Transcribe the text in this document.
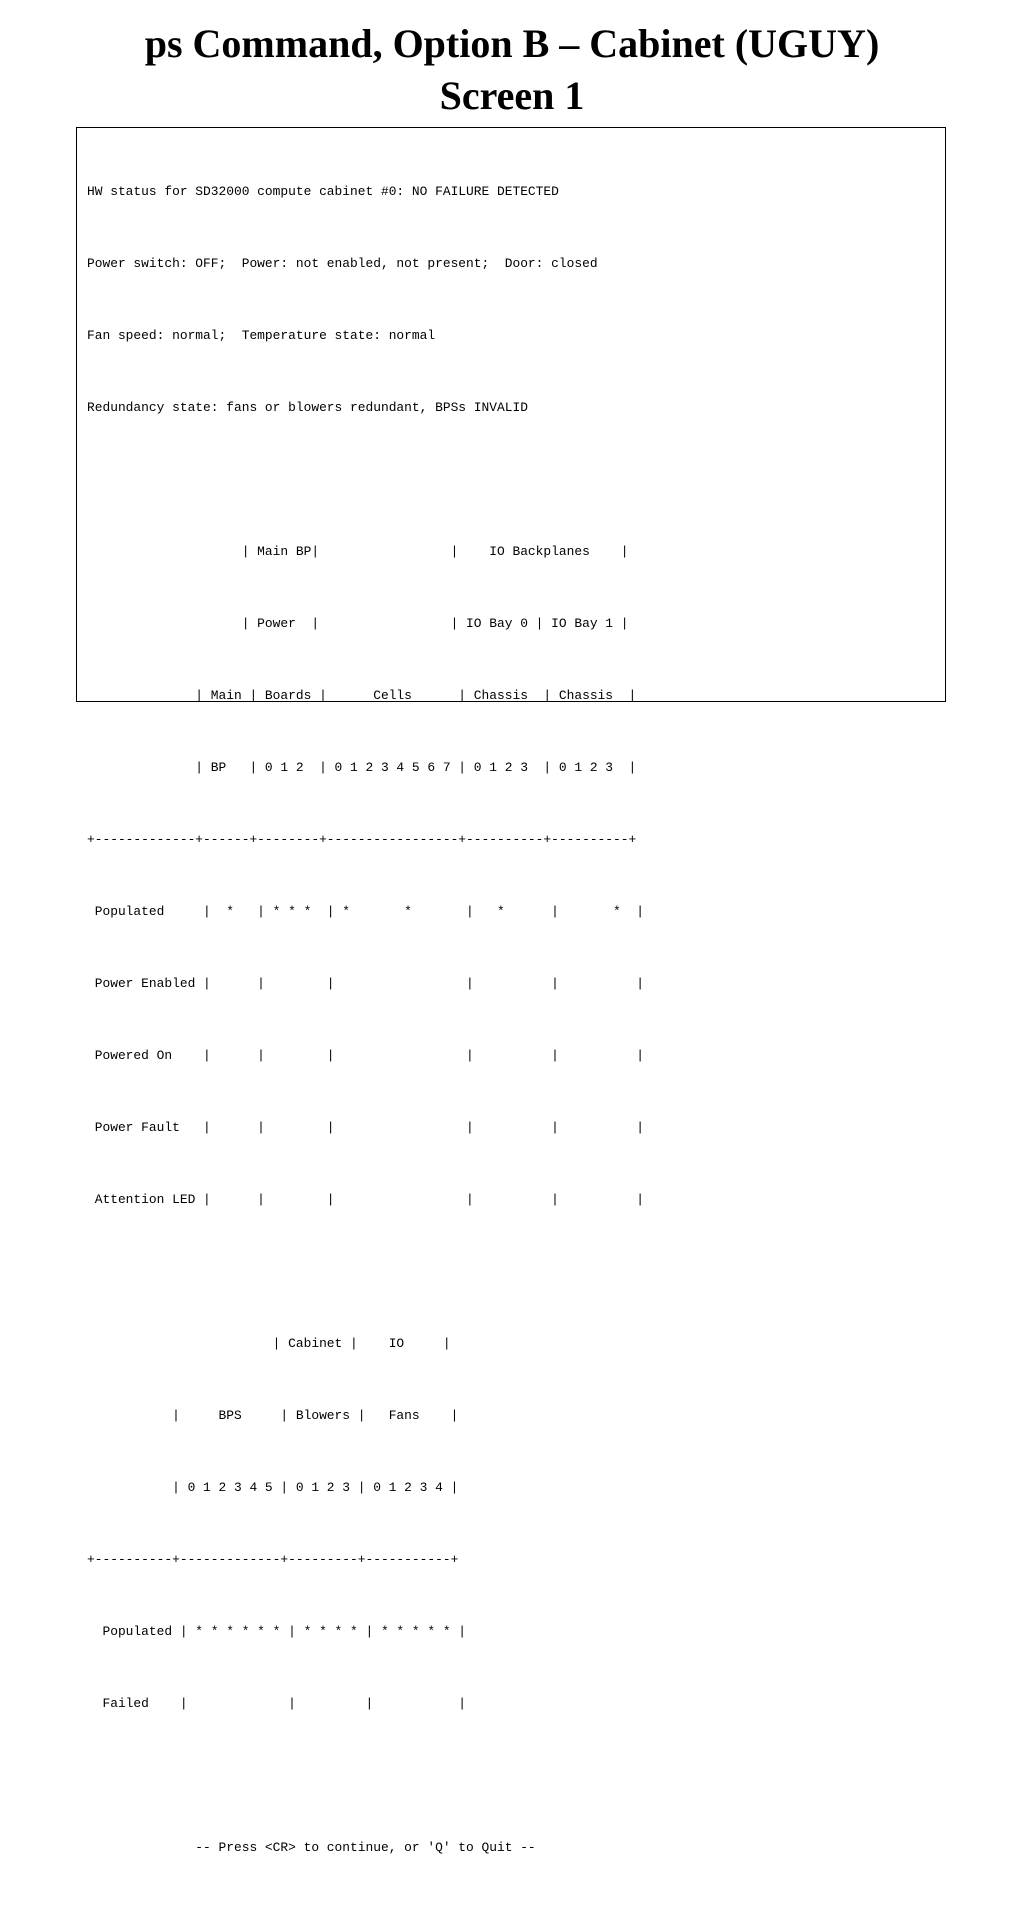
ps Command, Option B – Cabinet (UGUY)
Screen 1

HW status for SD32000 compute cabinet #0: NO FAILURE DETECTED

Power switch: OFF;  Power: not enabled, not present;  Door: closed

Fan speed: normal;  Temperature state: normal

Redundancy state: fans or blowers redundant, BPSs INVALID

| Main BP|                 |    IO Backplanes    |

| Power  |                 | IO Bay 0 | IO Bay 1 |

| Main | Boards |      Cells      | Chassis  | Chassis  |

| BP   | 0 1 2  | 0 1 2 3 4 5 6 7 | 0 1 2 3  | 0 1 2 3  |

+-------------+------+--------+-----------------+----------+----------+

Populated     |  *   | * * *  | *       *       |   *      |       *  |

Power Enabled |      |        |                 |          |          |

Powered On    |      |        |                 |          |          |

Power Fault   |      |        |                 |          |          |

Attention LED |      |        |                 |          |          |

| Cabinet |    IO     |

|     BPS     | Blowers |   Fans    |

| 0 1 2 3 4 5 | 0 1 2 3 | 0 1 2 3 4 |

+----------+-------------+---------+-----------+

Populated | * * * * * * | * * * * | * * * * * |

Failed    |             |         |           |

-- Press <CR> to continue, or 'Q' to Quit --
